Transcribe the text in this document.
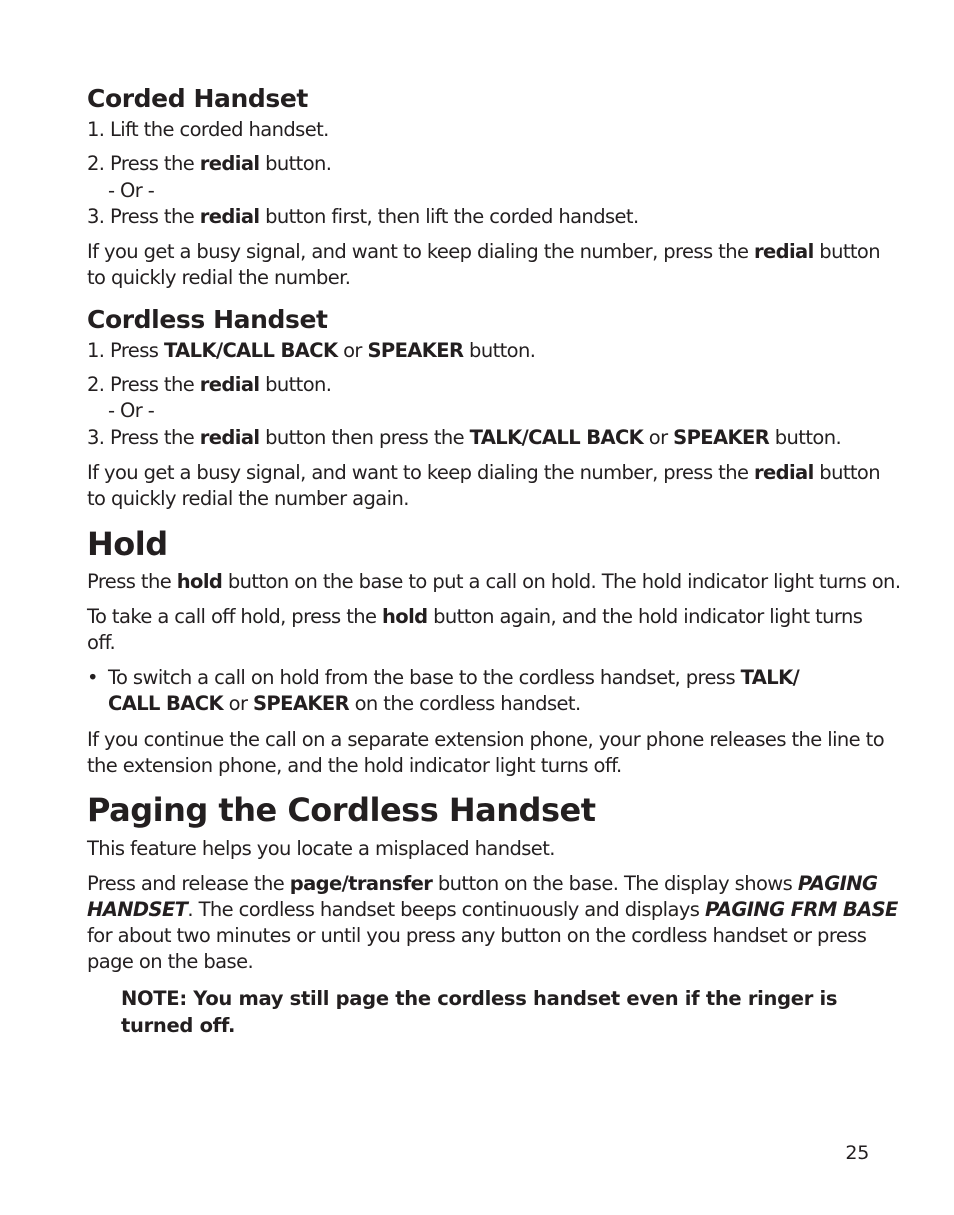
Corded Handset
1. Lift the corded handset.
2. Press the redial button.
- Or -
3. Press the redial button first, then lift the corded handset.
If you get a busy signal, and want to keep dialing the number, press the redial button
to quickly redial the number.
Cordless Handset
1. Press TALK/CALL BACK or SPEAKER button.
2. Press the redial button.
- Or -
3. Press the redial button then press the TALK/CALL BACK or SPEAKER button.
If you get a busy signal, and want to keep dialing the number, press the redial button
to quickly redial the number again.
Hold
Press the hold button on the base to put a call on hold. The hold indicator light turns on.
To take a call off hold, press the hold button again, and the hold indicator light turns
off.
• To switch a call on hold from the base to the cordless handset, press TALK/
CALL BACK or SPEAKER on the cordless handset.
If you continue the call on a separate extension phone, your phone releases the line to
the extension phone, and the hold indicator light turns off.
Paging the Cordless Handset
This feature helps you locate a misplaced handset.
Press and release the page/transfer button on the base. The display shows PAGING
HANDSET. The cordless handset beeps continuously and displays PAGING FRM BASE
for about two minutes or until you press any button on the cordless handset or press
page on the base.
NOTE: You may still page the cordless handset even if the ringer is
turned off.
25
